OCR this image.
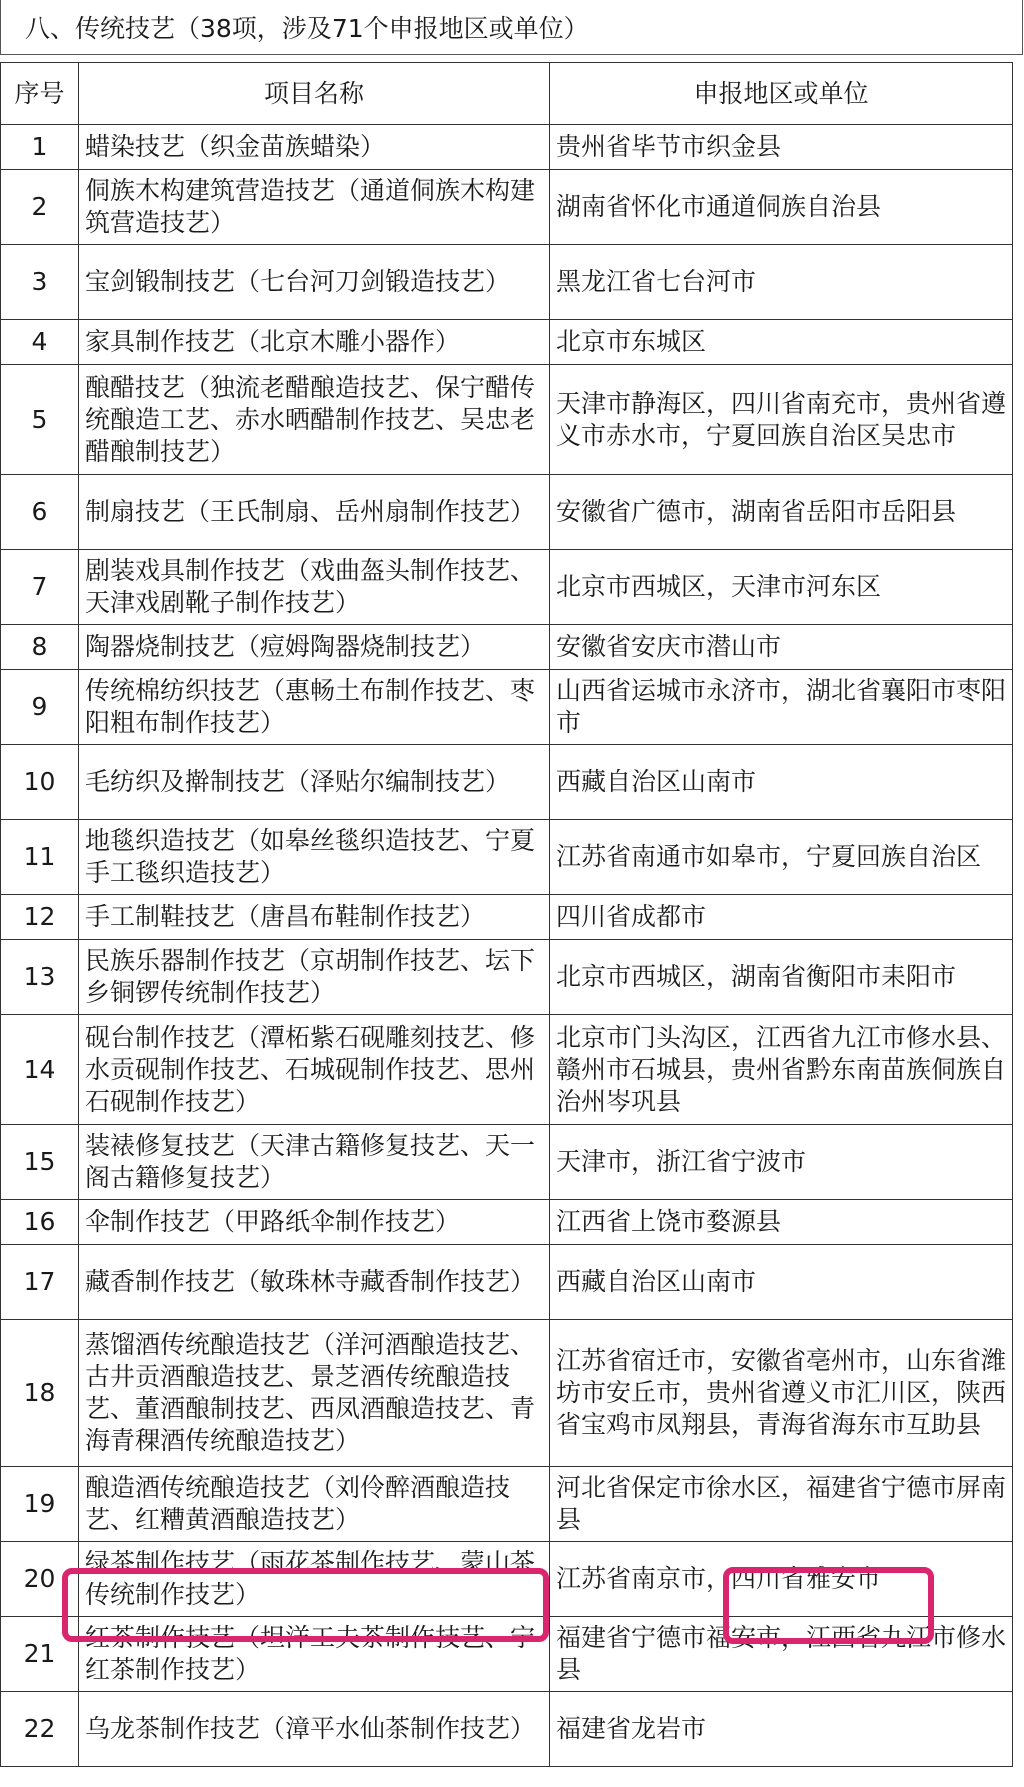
八、传统技艺（38项，涉及71个申报地区或单位）
序号	项目名称	申报地区或单位
1	蜡染技艺（织金苗族蜡染）	贵州省毕节市织金县
2	侗族木构建筑营造技艺（通道侗族木构建筑营造技艺）	湖南省怀化市通道侗族自治县
3	宝剑锻制技艺（七台河刀剑锻造技艺）	黑龙江省七台河市
4	家具制作技艺（北京木雕小器作）	北京市东城区
5	酿醋技艺（独流老醋酿造技艺、保宁醋传统酿造工艺、赤水晒醋制作技艺、吴忠老醋酿制技艺）	天津市静海区，四川省南充市，贵州省遵义市赤水市，宁夏回族自治区吴忠市
6	制扇技艺（王氏制扇、岳州扇制作技艺）	安徽省广德市，湖南省岳阳市岳阳县
7	剧装戏具制作技艺（戏曲盔头制作技艺、天津戏剧靴子制作技艺）	北京市西城区，天津市河东区
8	陶器烧制技艺（痘姆陶器烧制技艺）	安徽省安庆市潜山市
9	传统棉纺织技艺（惠畅土布制作技艺、枣阳粗布制作技艺）	山西省运城市永济市，湖北省襄阳市枣阳市
10	毛纺织及擀制技艺（泽贴尔编制技艺）	西藏自治区山南市
11	地毯织造技艺（如皋丝毯织造技艺、宁夏手工毯织造技艺）	江苏省南通市如皋市，宁夏回族自治区
12	手工制鞋技艺（唐昌布鞋制作技艺）	四川省成都市
13	民族乐器制作技艺（京胡制作技艺、坛下乡铜锣传统制作技艺）	北京市西城区，湖南省衡阳市耒阳市
14	砚台制作技艺（潭柘紫石砚雕刻技艺、修水贡砚制作技艺、石城砚制作技艺、思州石砚制作技艺）	北京市门头沟区，江西省九江市修水县、赣州市石城县，贵州省黔东南苗族侗族自治州岑巩县
15	装裱修复技艺（天津古籍修复技艺、天一阁古籍修复技艺）	天津市，浙江省宁波市
16	伞制作技艺（甲路纸伞制作技艺）	江西省上饶市婺源县
17	藏香制作技艺（敏珠林寺藏香制作技艺）	西藏自治区山南市
18	蒸馏酒传统酿造技艺（洋河酒酿造技艺、古井贡酒酿造技艺、景芝酒传统酿造技艺、董酒酿制技艺、西凤酒酿造技艺、青海青稞酒传统酿造技艺）	江苏省宿迁市，安徽省亳州市，山东省潍坊市安丘市，贵州省遵义市汇川区，陕西省宝鸡市凤翔县，青海省海东市互助县
19	酿造酒传统酿造技艺（刘伶醉酒酿造技艺、红糟黄酒酿造技艺）	河北省保定市徐水区，福建省宁德市屏南县
20	绿茶制作技艺（雨花茶制作技艺、蒙山茶传统制作技艺）	江苏省南京市，四川省雅安市
21	红茶制作技艺（坦洋工夫茶制作技艺、宁红茶制作技艺）	福建省宁德市福安市，江西省九江市修水县
22	乌龙茶制作技艺（漳平水仙茶制作技艺）	福建省龙岩市
